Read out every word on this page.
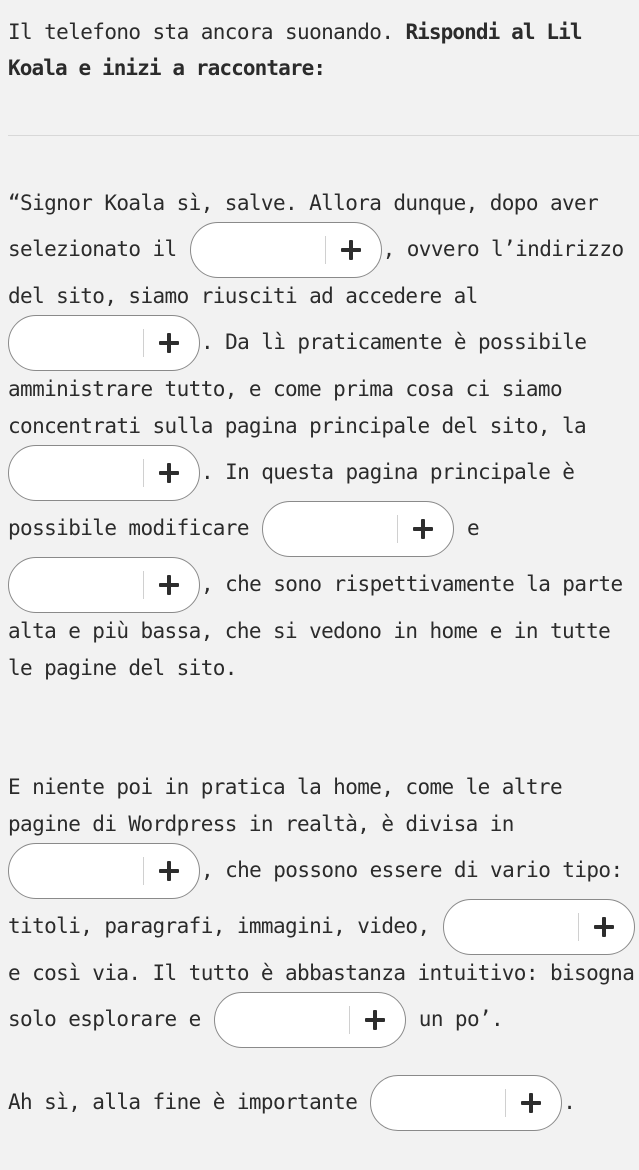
Il telefono sta ancora suonando. Rispondi al Lil Koala e inizi a raccontare:

“Signor Koala sì, salve. Allora dunque, dopo aver selezionato il	, ovvero l’indirizzo del sito, siamo riusciti ad accedere al
. Da lì praticamente è possibile amministrare tutto, e come prima cosa ci siamo concentrati sulla pagina principale del sito, la
. In questa pagina principale è possibile modificare	e
, che sono rispettivamente la parte alta e più bassa, che si vedono in home e in tutte le pagine del sito.

E niente poi in pratica la home, come le altre pagine di Wordpress in realtà, è divisa in
, che possono essere di vario tipo: titoli, paragrafi, immagini, video,
e così via. Il tutto è abbastanza intuitivo: bisogna solo esplorare e	un po’.

Ah sì, alla fine è importante	.
